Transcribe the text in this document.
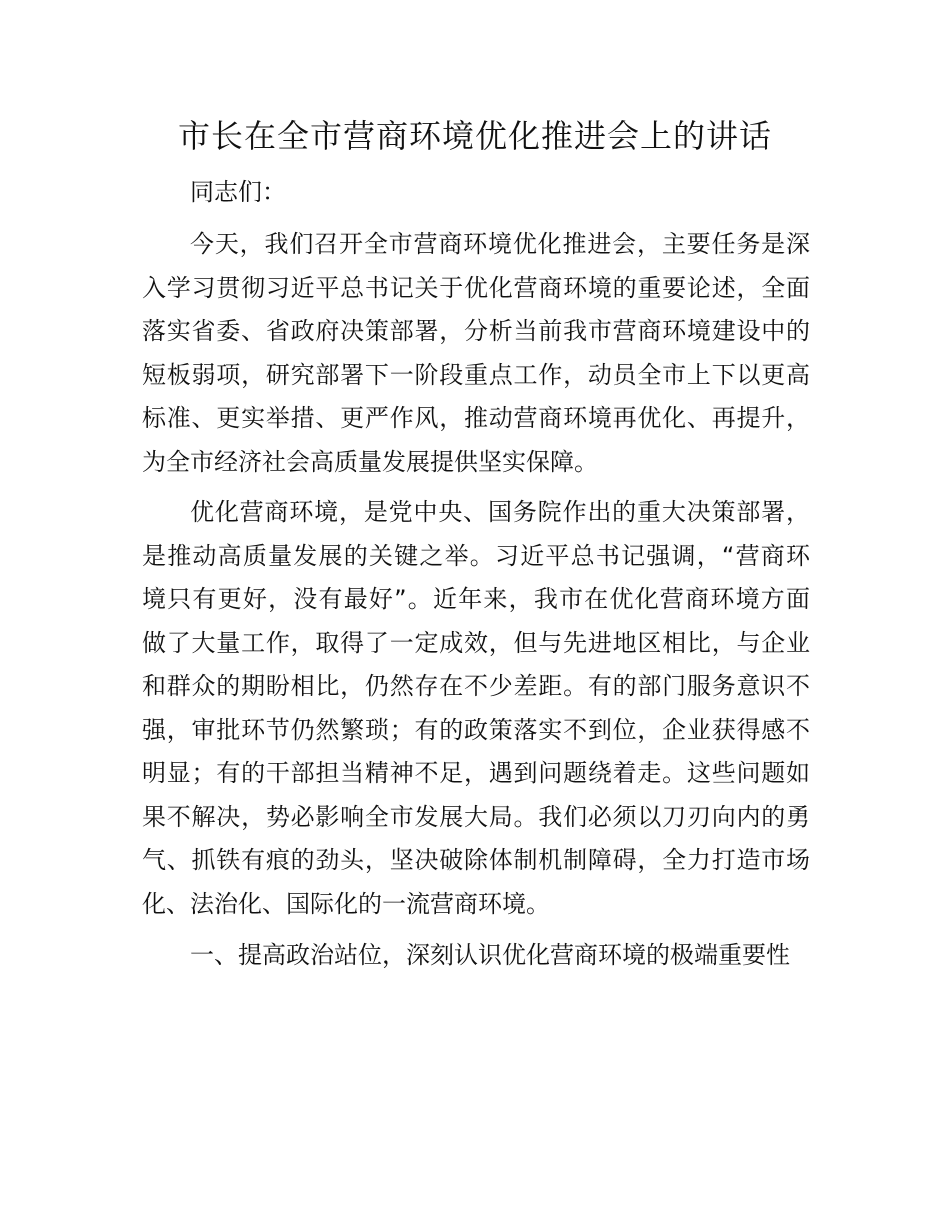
市长在全市营商环境优化推进会上的讲话

同志们：

今天，我们召开全市营商环境优化推进会，主要任务是深
入学习贯彻习近平总书记关于优化营商环境的重要论述，全面
落实省委、省政府决策部署，分析当前我市营商环境建设中的
短板弱项，研究部署下一阶段重点工作，动员全市上下以更高
标准、更实举措、更严作风，推动营商环境再优化、再提升，
为全市经济社会高质量发展提供坚实保障。
优化营商环境，是党中央、国务院作出的重大决策部署，
是推动高质量发展的关键之举。习近平总书记强调，“营商环
境只有更好，没有最好”。近年来，我市在优化营商环境方面
做了大量工作，取得了一定成效，但与先进地区相比，与企业
和群众的期盼相比，仍然存在不少差距。有的部门服务意识不
强，审批环节仍然繁琐；有的政策落实不到位，企业获得感不
明显；有的干部担当精神不足，遇到问题绕着走。这些问题如
果不解决，势必影响全市发展大局。我们必须以刀刃向内的勇
气、抓铁有痕的劲头，坚决破除体制机制障碍，全力打造市场
化、法治化、国际化的一流营商环境。
一、提高政治站位，深刻认识优化营商环境的极端重要性
